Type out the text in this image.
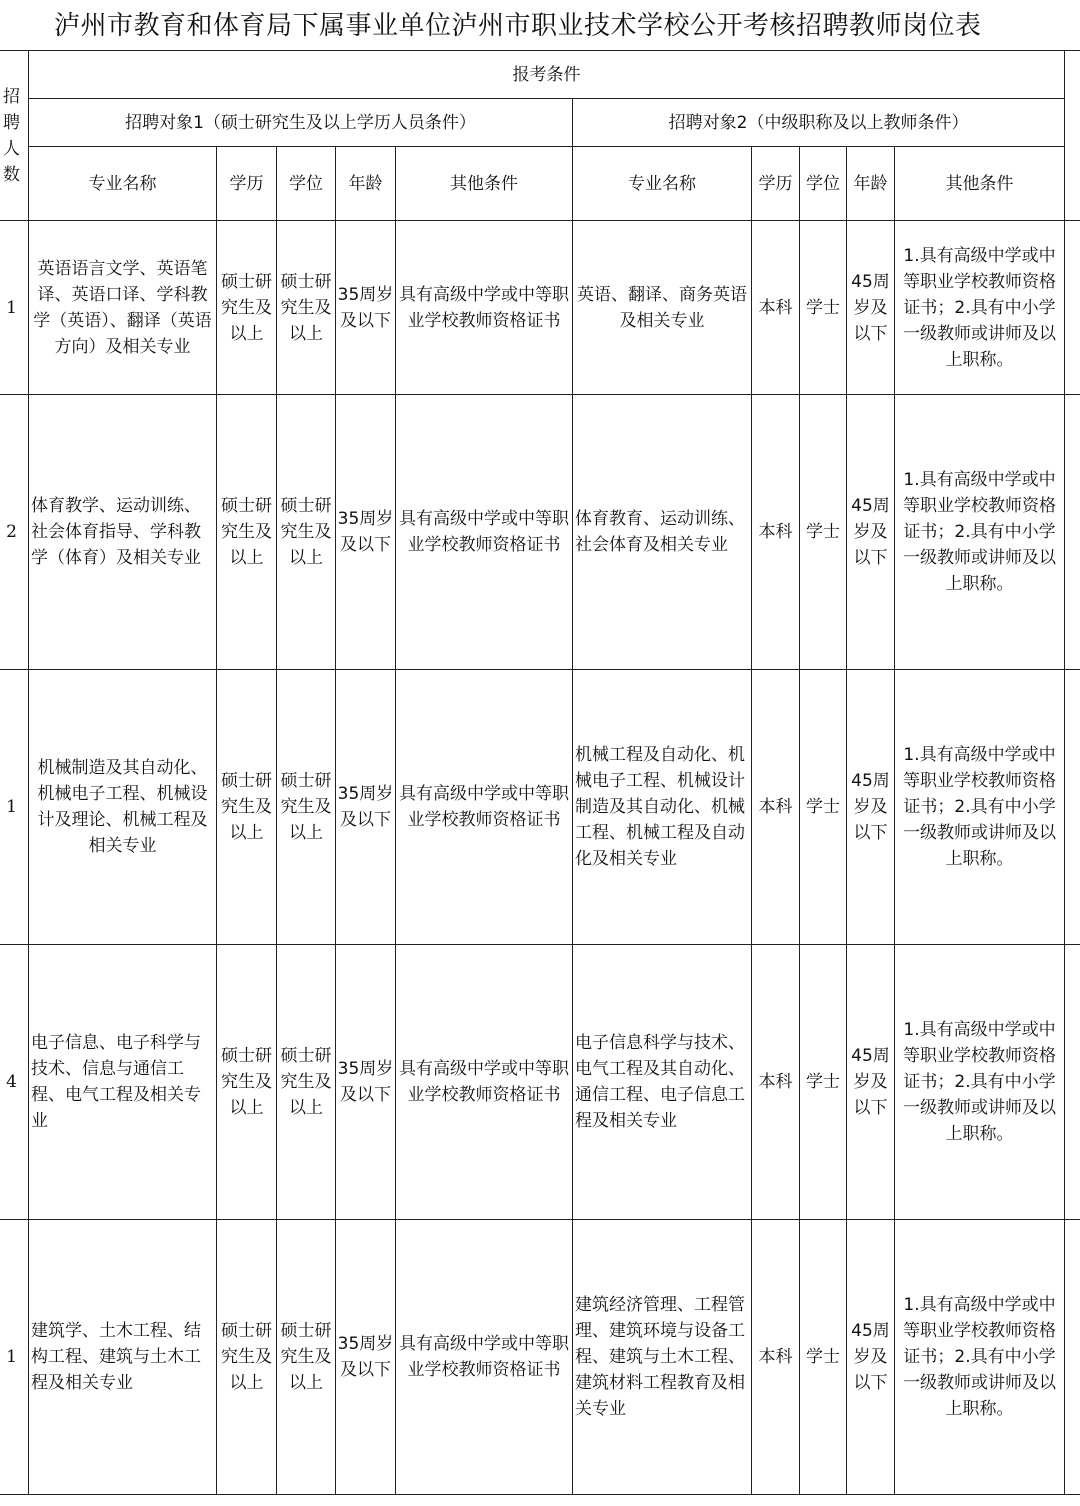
泸州市教育和体育局下属事业单位泸州市职业技术学校公开考核招聘教师岗位表
招聘人数	报考条件										
	招聘对象1（硕士研究生及以上学历人员条件）					招聘对象2（中级职称及以上教师条件）					
	专业名称	学历	学位	年龄	其他条件	专业名称	学历	学位	年龄	其他条件	
1	英语语言文学、英语笔译、英语口译、学科教学（英语）、翻译（英语方向）及相关专业	硕士研究生及以上	硕士研究生及以上	35周岁及以下	具有高级中学或中等职业学校教师资格证书	英语、翻译、商务英语及相关专业	本科	学士	45周岁及以下	1.具有高级中学或中等职业学校教师资格证书；2.具有中小学一级教师或讲师及以上职称。	
2	体育教学、运动训练、社会体育指导、学科教学（体育）及相关专业	硕士研究生及以上	硕士研究生及以上	35周岁及以下	具有高级中学或中等职业学校教师资格证书	体育教育、运动训练、社会体育及相关专业	本科	学士	45周岁及以下	1.具有高级中学或中等职业学校教师资格证书；2.具有中小学一级教师或讲师及以上职称。	
1	机械制造及其自动化、机械电子工程、机械设计及理论、机械工程及相关专业	硕士研究生及以上	硕士研究生及以上	35周岁及以下	具有高级中学或中等职业学校教师资格证书	机械工程及自动化、机械电子工程、机械设计制造及其自动化、机械工程、机械工程及自动化及相关专业	本科	学士	45周岁及以下	1.具有高级中学或中等职业学校教师资格证书；2.具有中小学一级教师或讲师及以上职称。	
4	电子信息、电子科学与技术、信息与通信工程、电气工程及相关专业	硕士研究生及以上	硕士研究生及以上	35周岁及以下	具有高级中学或中等职业学校教师资格证书	电子信息科学与技术、电气工程及其自动化、通信工程、电子信息工程及相关专业	本科	学士	45周岁及以下	1.具有高级中学或中等职业学校教师资格证书；2.具有中小学一级教师或讲师及以上职称。	
1	建筑学、土木工程、结构工程、建筑与土木工程及相关专业	硕士研究生及以上	硕士研究生及以上	35周岁及以下	具有高级中学或中等职业学校教师资格证书	建筑经济管理、工程管理、建筑环境与设备工程、建筑与土木工程、建筑材料工程教育及相关专业	本科	学士	45周岁及以下	1.具有高级中学或中等职业学校教师资格证书；2.具有中小学一级教师或讲师及以上职称。	
